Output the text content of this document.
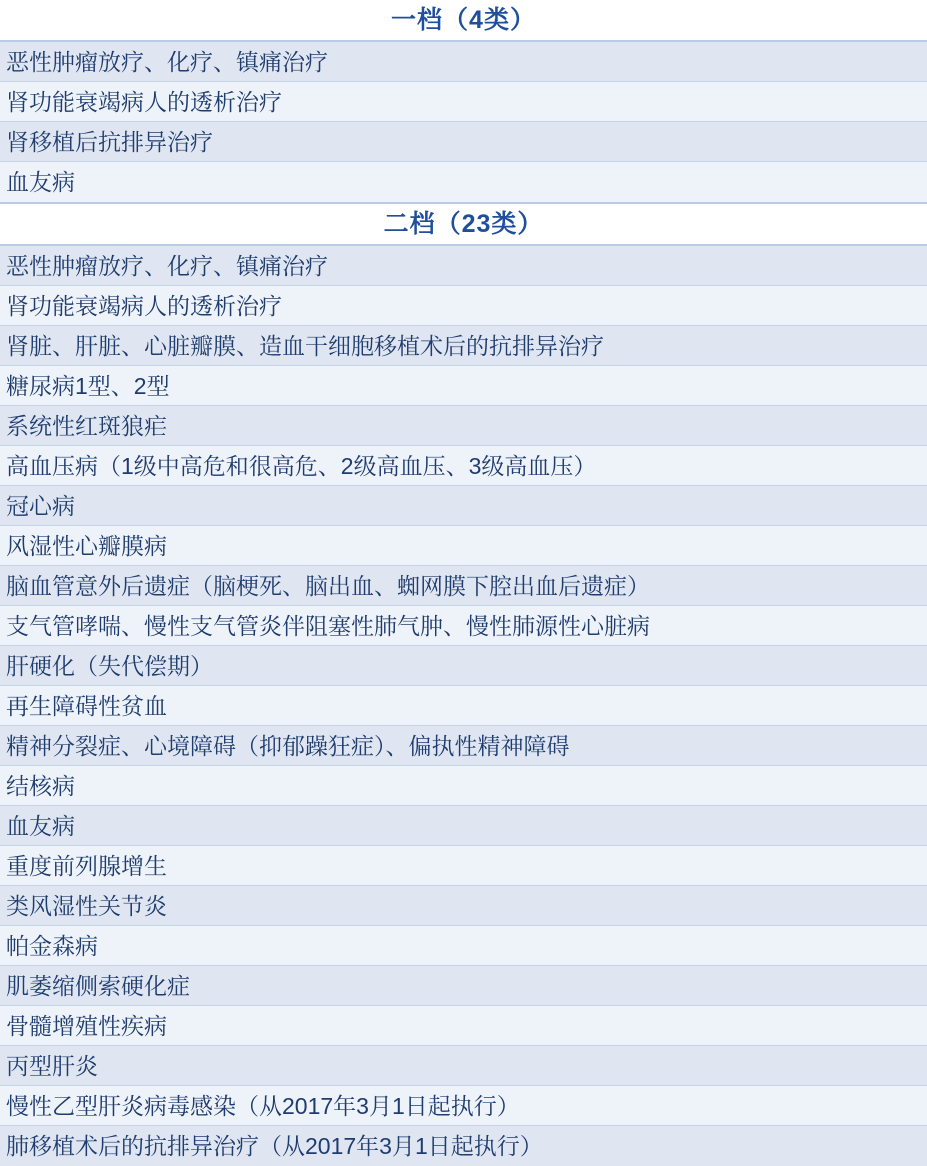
一档（4类）
恶性肿瘤放疗、化疗、镇痛治疗
肾功能衰竭病人的透析治疗
肾移植后抗排异治疗
血友病
二档（23类）
恶性肿瘤放疗、化疗、镇痛治疗
肾功能衰竭病人的透析治疗
肾脏、肝脏、心脏瓣膜、造血干细胞移植术后的抗排异治疗
糖尿病1型、2型
系统性红斑狼疟
高血压病（1级中高危和很高危、2级高血压、3级高血压）
冠心病
风湿性心瓣膜病
脑血管意外后遗症（脑梗死、脑出血、蜘网膜下腔出血后遗症）
支气管哮喘、慢性支气管炎伴阻塞性肺气肿、慢性肺源性心脏病
肝硬化（失代偿期）
再生障碍性贫血
精神分裂症、心境障碍（抑郁躁狂症）、偏执性精神障碍
结核病
血友病
重度前列腺增生
类风湿性关节炎
帕金森病
肌萎缩侧索硬化症
骨髓增殖性疾病
丙型肝炎
慢性乙型肝炎病毒感染（从2017年3月1日起执行）
肺移植术后的抗排异治疗（从2017年3月1日起执行）
